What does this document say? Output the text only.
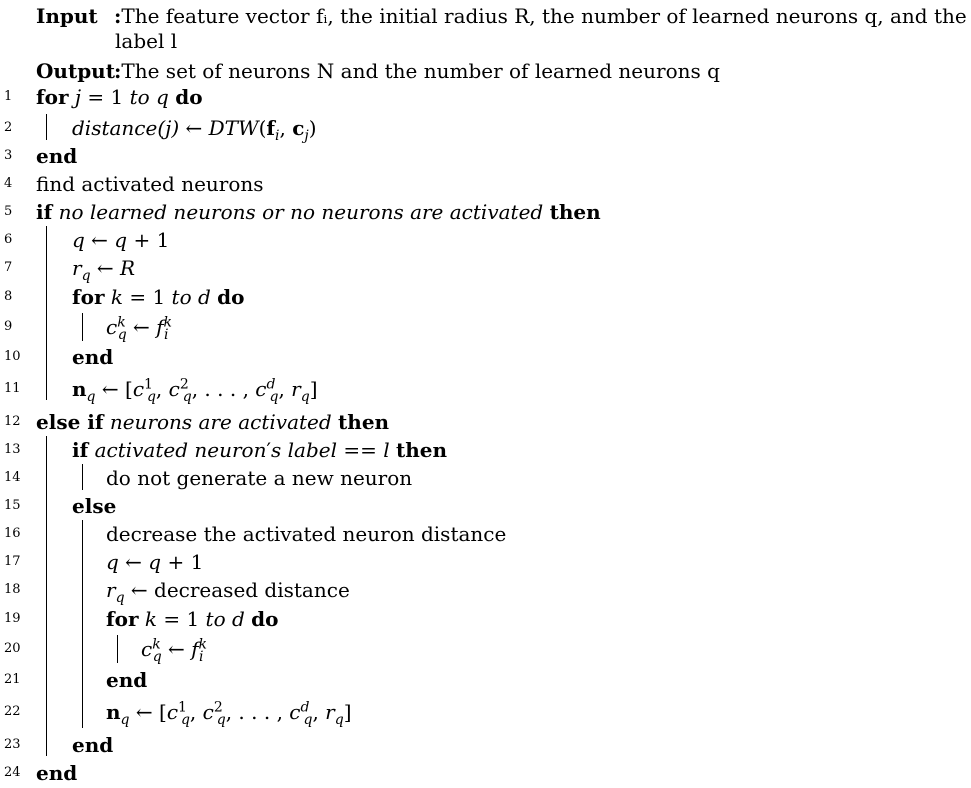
Input :The feature vector fᵢ, the initial radius R, the number of learned neurons q, and the
label l
Output:The set of neurons N and the number of learned neurons q
1	for j = 1 to q do
2	distance(j) ← $DTW(f_i$, $c_j$)
3	end
4	find activated neurons
5	if no learned neurons or no neurons are activated then
6	q ← q + 1
7	$r_q$ ← R
8	for k = 1 to d do
9	$c^k_q$ ← $f^k_i$
10	end
11	$n_q$ ← [$c^1_q$, $c^2_q$, . . . , $c^d_q$, $r_q$]
12 else if neurons are activated then
13	if activated neuron′s label == l then
14	do not generate a new neuron
15	else
16	decrease the activated neuron distance
17	q ← q + 1
18	$r_q$ ← decreased distance
19	for k = 1 to d do
20	$c^k_q$ ← $f^k_i$
21	end
22	$n_q$ ← [$c^1_q$, $c^2_q$, . . . , $c^d_q$, $r_q$]
23	end
24 end
